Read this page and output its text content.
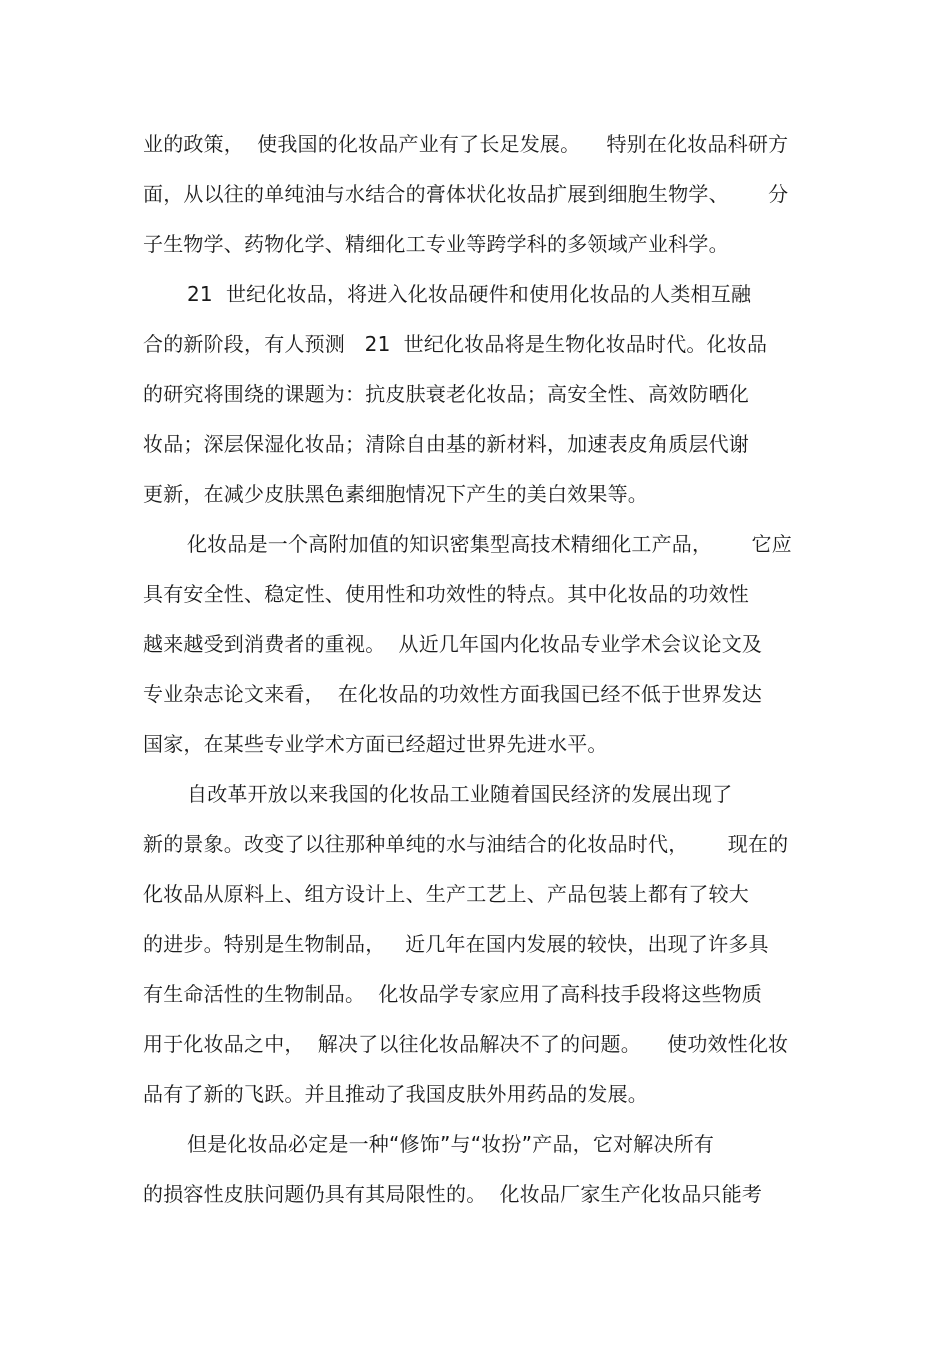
业的政策，  使我国的化妆品产业有了长足发展。    特别在化妆品科研方
面，从以往的单纯油与水结合的膏体状化妆品扩展到细胞生物学、      分
子生物学、药物化学、精细化工专业等跨学科的多领域产业科学。
21  世纪化妆品，将进入化妆品硬件和使用化妆品的人类相互融
合的新阶段，有人预测   21  世纪化妆品将是生物化妆品时代。化妆品
的研究将围绕的课题为：抗皮肤衰老化妆品；高安全性、高效防晒化
妆品；深层保湿化妆品；清除自由基的新材料，加速表皮角质层代谢
更新，在减少皮肤黑色素细胞情况下产生的美白效果等。
化妆品是一个高附加值的知识密集型高技术精细化工产品，      它应
具有安全性、稳定性、使用性和功效性的特点。其中化妆品的功效性
越来越受到消费者的重视。  从近几年国内化妆品专业学术会议论文及
专业杂志论文来看，  在化妆品的功效性方面我国已经不低于世界发达
国家，在某些专业学术方面已经超过世界先进水平。
自改革开放以来我国的化妆品工业随着国民经济的发展出现了
新的景象。改变了以往那种单纯的水与油结合的化妆品时代，      现在的
化妆品从原料上、组方设计上、生产工艺上、产品包装上都有了较大
的进步。特别是生物制品，   近几年在国内发展的较快，出现了许多具
有生命活性的生物制品。  化妆品学专家应用了高科技手段将这些物质
用于化妆品之中，  解决了以往化妆品解决不了的问题。    使功效性化妆
品有了新的飞跃。并且推动了我国皮肤外用药品的发展。
但是化妆品必定是一种“修饰”与“妆扮”产品，它对解决所有
的损容性皮肤问题仍具有其局限性的。  化妆品厂家生产化妆品只能考
